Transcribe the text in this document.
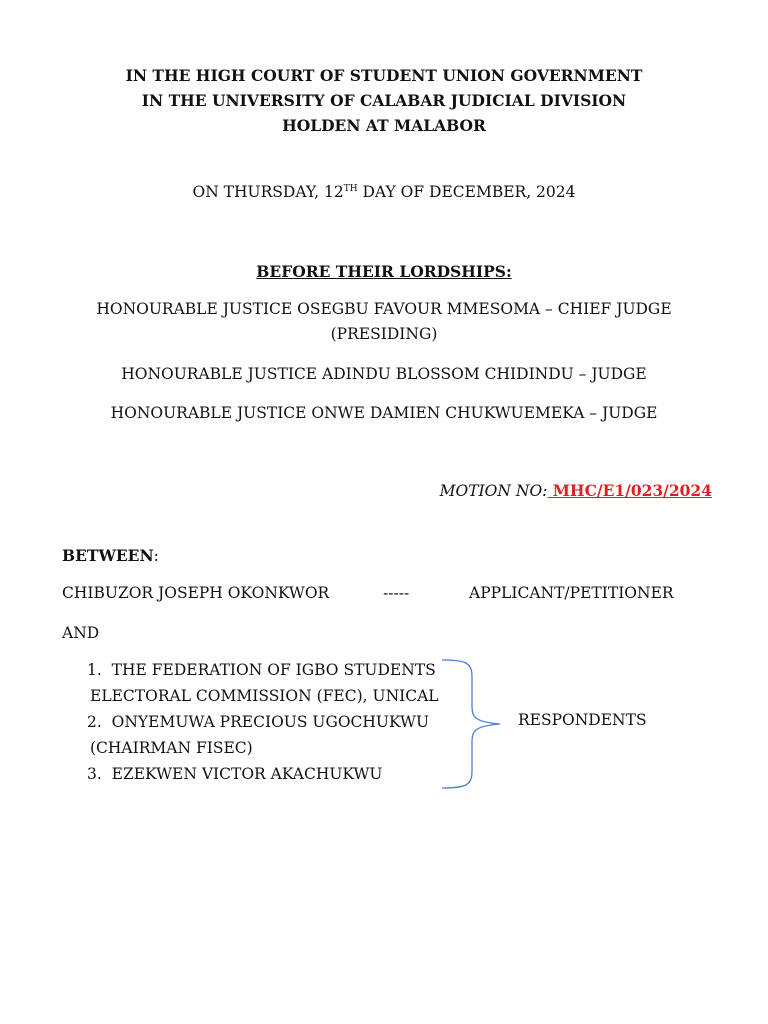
IN THE HIGH COURT OF STUDENT UNION GOVERNMENT
IN THE UNIVERSITY OF CALABAR JUDICIAL DIVISION
HOLDEN AT MALABOR
ON THURSDAY, 12TH DAY OF DECEMBER, 2024
BEFORE THEIR LORDSHIPS:
HONOURABLE JUSTICE OSEGBU FAVOUR MMESOMA – CHIEF JUDGE
(PRESIDING)
HONOURABLE JUSTICE ADINDU BLOSSOM CHIDINDU – JUDGE
HONOURABLE JUSTICE ONWE DAMIEN CHUKWUEMEKA – JUDGE
MOTION NO: MHC/E1/023/2024
BETWEEN:
CHIBUZOR JOSEPH OKONKWOR	-----	APPLICANT/PETITIONER
AND
1. THE FEDERATION OF IGBO STUDENTS
ELECTORAL COMMISSION (FEC), UNICAL
2. ONYEMUWA PRECIOUS UGOCHUKWU
(CHAIRMAN FISEC)
3. EZEKWEN VICTOR AKACHUKWU
RESPONDENTS
